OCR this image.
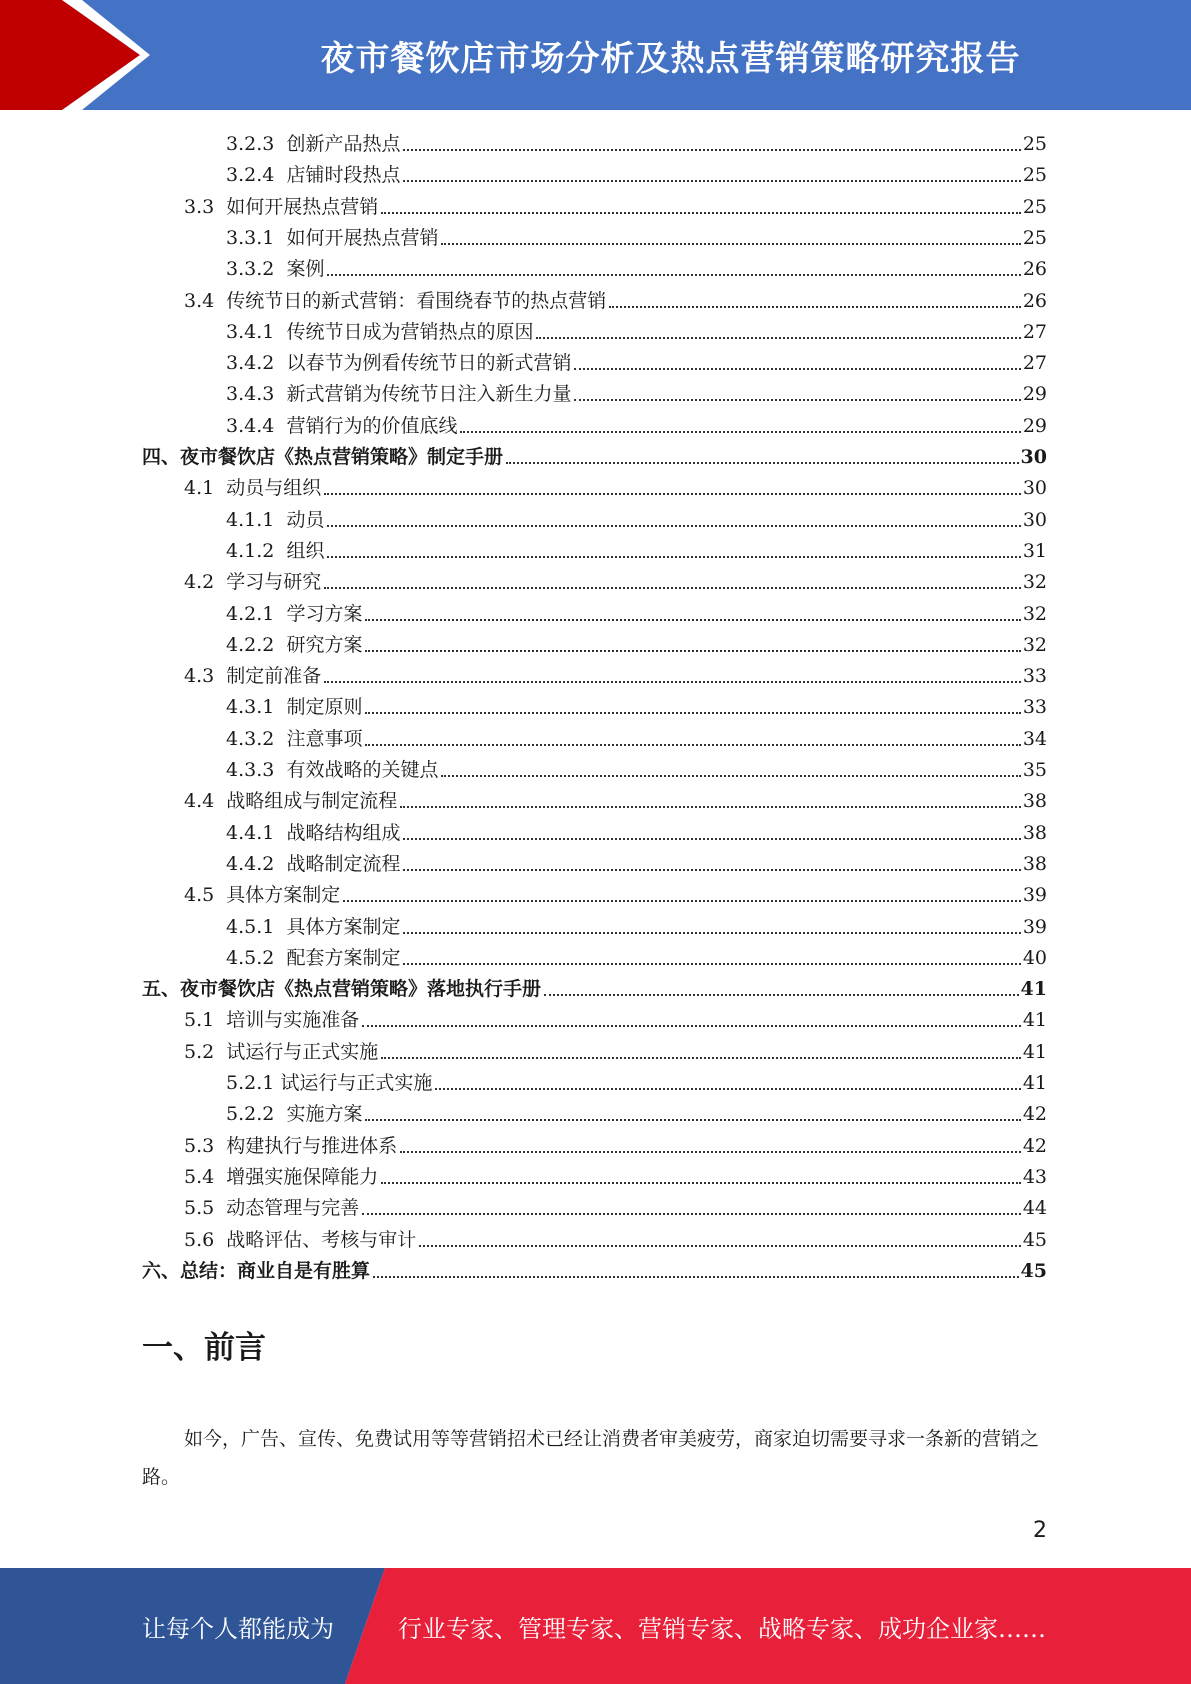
夜市餐饮店市场分析及热点营销策略研究报告
3.2.3 创新产品热点	25
3.2.4 店铺时段热点	25
3.3 如何开展热点营销	25
3.3.1 如何开展热点营销	25
3.3.2 案例	26
3.4 传统节日的新式营销：看围绕春节的热点营销	26
3.4.1 传统节日成为营销热点的原因	27
3.4.2 以春节为例看传统节日的新式营销	27
3.4.3 新式营销为传统节日注入新生力量	29
3.4.4 营销行为的价值底线	29
四、夜市餐饮店《热点营销策略》制定手册	30
4.1 动员与组织	30
4.1.1 动员	30
4.1.2 组织	31
4.2 学习与研究	32
4.2.1 学习方案	32
4.2.2 研究方案	32
4.3 制定前准备	33
4.3.1 制定原则	33
4.3.2 注意事项	34
4.3.3 有效战略的关键点	35
4.4 战略组成与制定流程	38
4.4.1 战略结构组成	38
4.4.2 战略制定流程	38
4.5 具体方案制定	39
4.5.1 具体方案制定	39
4.5.2 配套方案制定	40
五、夜市餐饮店《热点营销策略》落地执行手册	41
5.1 培训与实施准备	41
5.2 试运行与正式实施	41
5.2.1 试运行与正式实施	41
5.2.2 实施方案	42
5.3 构建执行与推进体系	42
5.4 增强实施保障能力	43
5.5 动态管理与完善	44
5.6 战略评估、考核与审计	45
六、总结：商业自是有胜算	45
一、前言
如今，广告、宣传、免费试用等等营销招术已经让消费者审美疲劳，商家迫切需要寻求一条新的营销之路。
2
让每个人都能成为	行业专家、管理专家、营销专家、战略专家、成功企业家……
